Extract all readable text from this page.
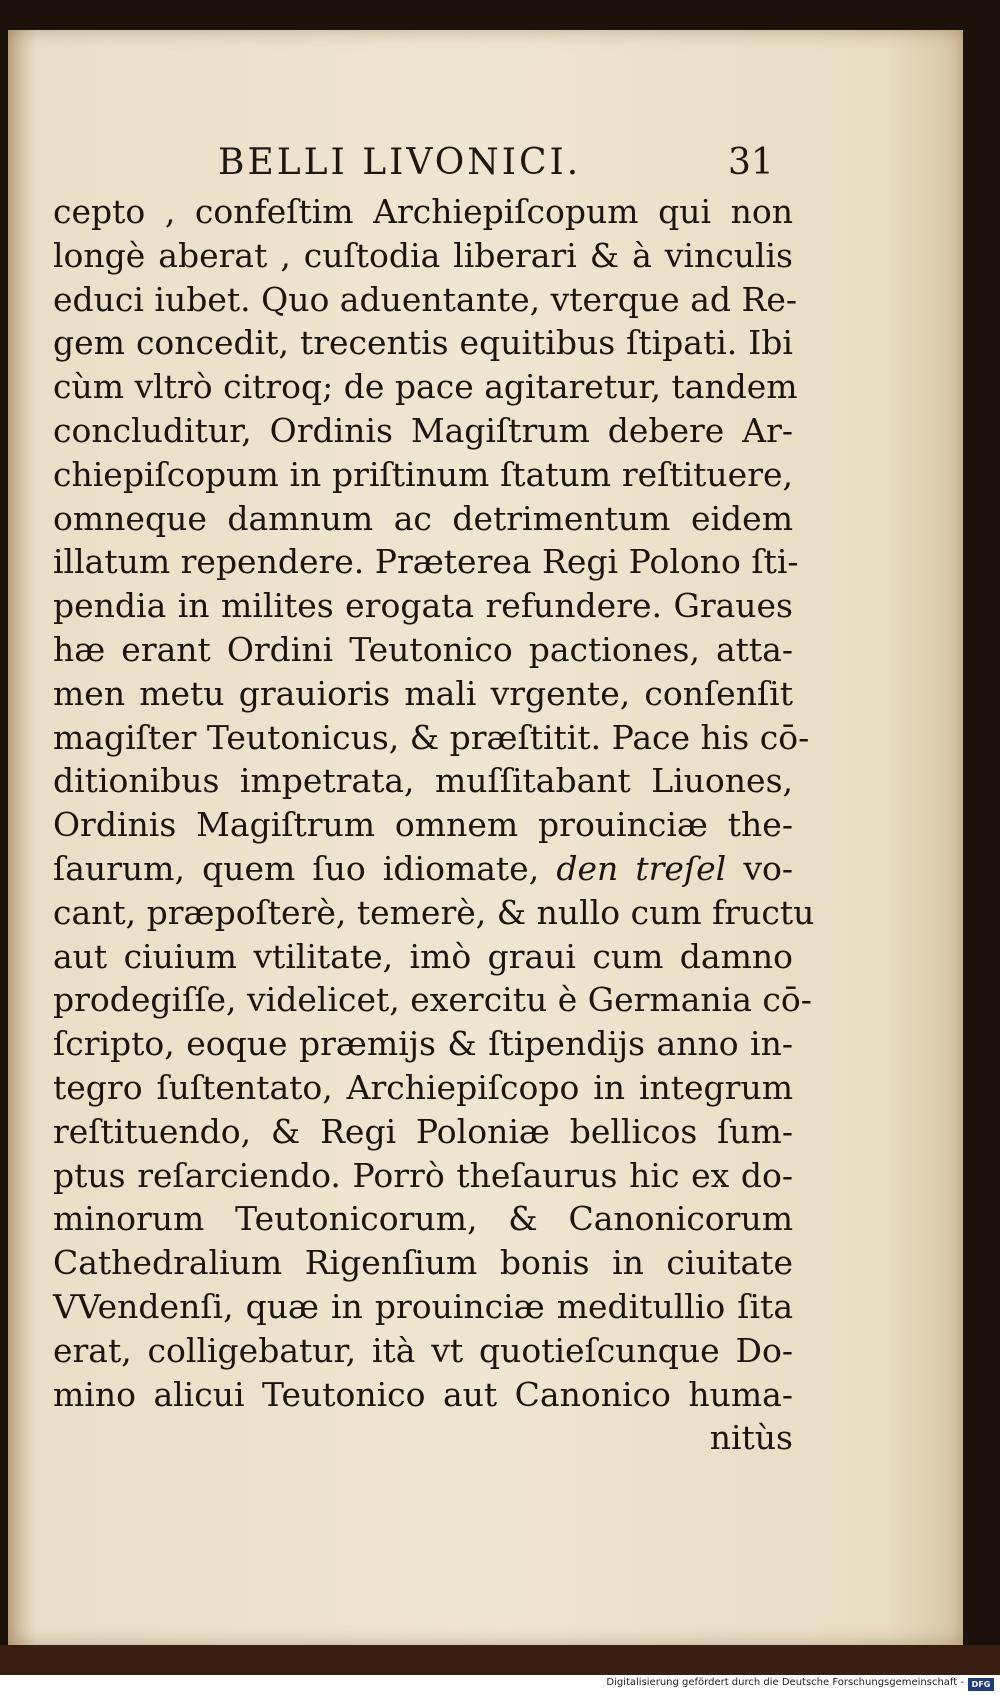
BELLI LIVONICI.	31
cepto , confeſtim Archiepiſcopum qui non
longè aberat , cuſtodia liberari & à vinculis
educi iubet. Quo aduentante, vterque ad Re-
gem concedit, trecentis equitibus ſtipati. Ibi
cùm vltrò citroq; de pace agitaretur, tandem
concluditur, Ordinis Magiſtrum debere Ar-
chiepiſcopum in priſtinum ſtatum reſtituere,
omneque damnum ac detrimentum eidem
illatum rependere. Præterea Regi Polono ſti-
pendia in milites erogata refundere. Graues
hæ erant Ordini Teutonico pactiones, atta-
men metu grauioris mali vrgente, conſenſit
magiſter Teutonicus, & præſtitit. Pace his cō-
ditionibus impetrata, muſſitabant Liuones,
Ordinis Magiſtrum omnem prouinciæ the-
ſaurum, quem ſuo idiomate, den treſel vo-
cant, præpoſterè, temerè, & nullo cum fructu
aut ciuium vtilitate, imò graui cum damno
prodegiſſe, videlicet, exercitu è Germania cō-
ſcripto, eoque præmijs & ſtipendijs anno in-
tegro ſuſtentato, Archiepiſcopo in integrum
reſtituendo, & Regi Poloniæ bellicos ſum-
ptus reſarciendo. Porrò theſaurus hic ex do-
minorum Teutonicorum, & Canonicorum
Cathedralium Rigenſium bonis in ciuitate
VVendenſi, quæ in prouinciæ meditullio ſita
erat, colligebatur, ità vt quotieſcunque Do-
mino alicui Teutonico aut Canonico huma-
nitùs
Digitalisierung gefördert durch die Deutsche Forschungsgemeinschaft - DFG
